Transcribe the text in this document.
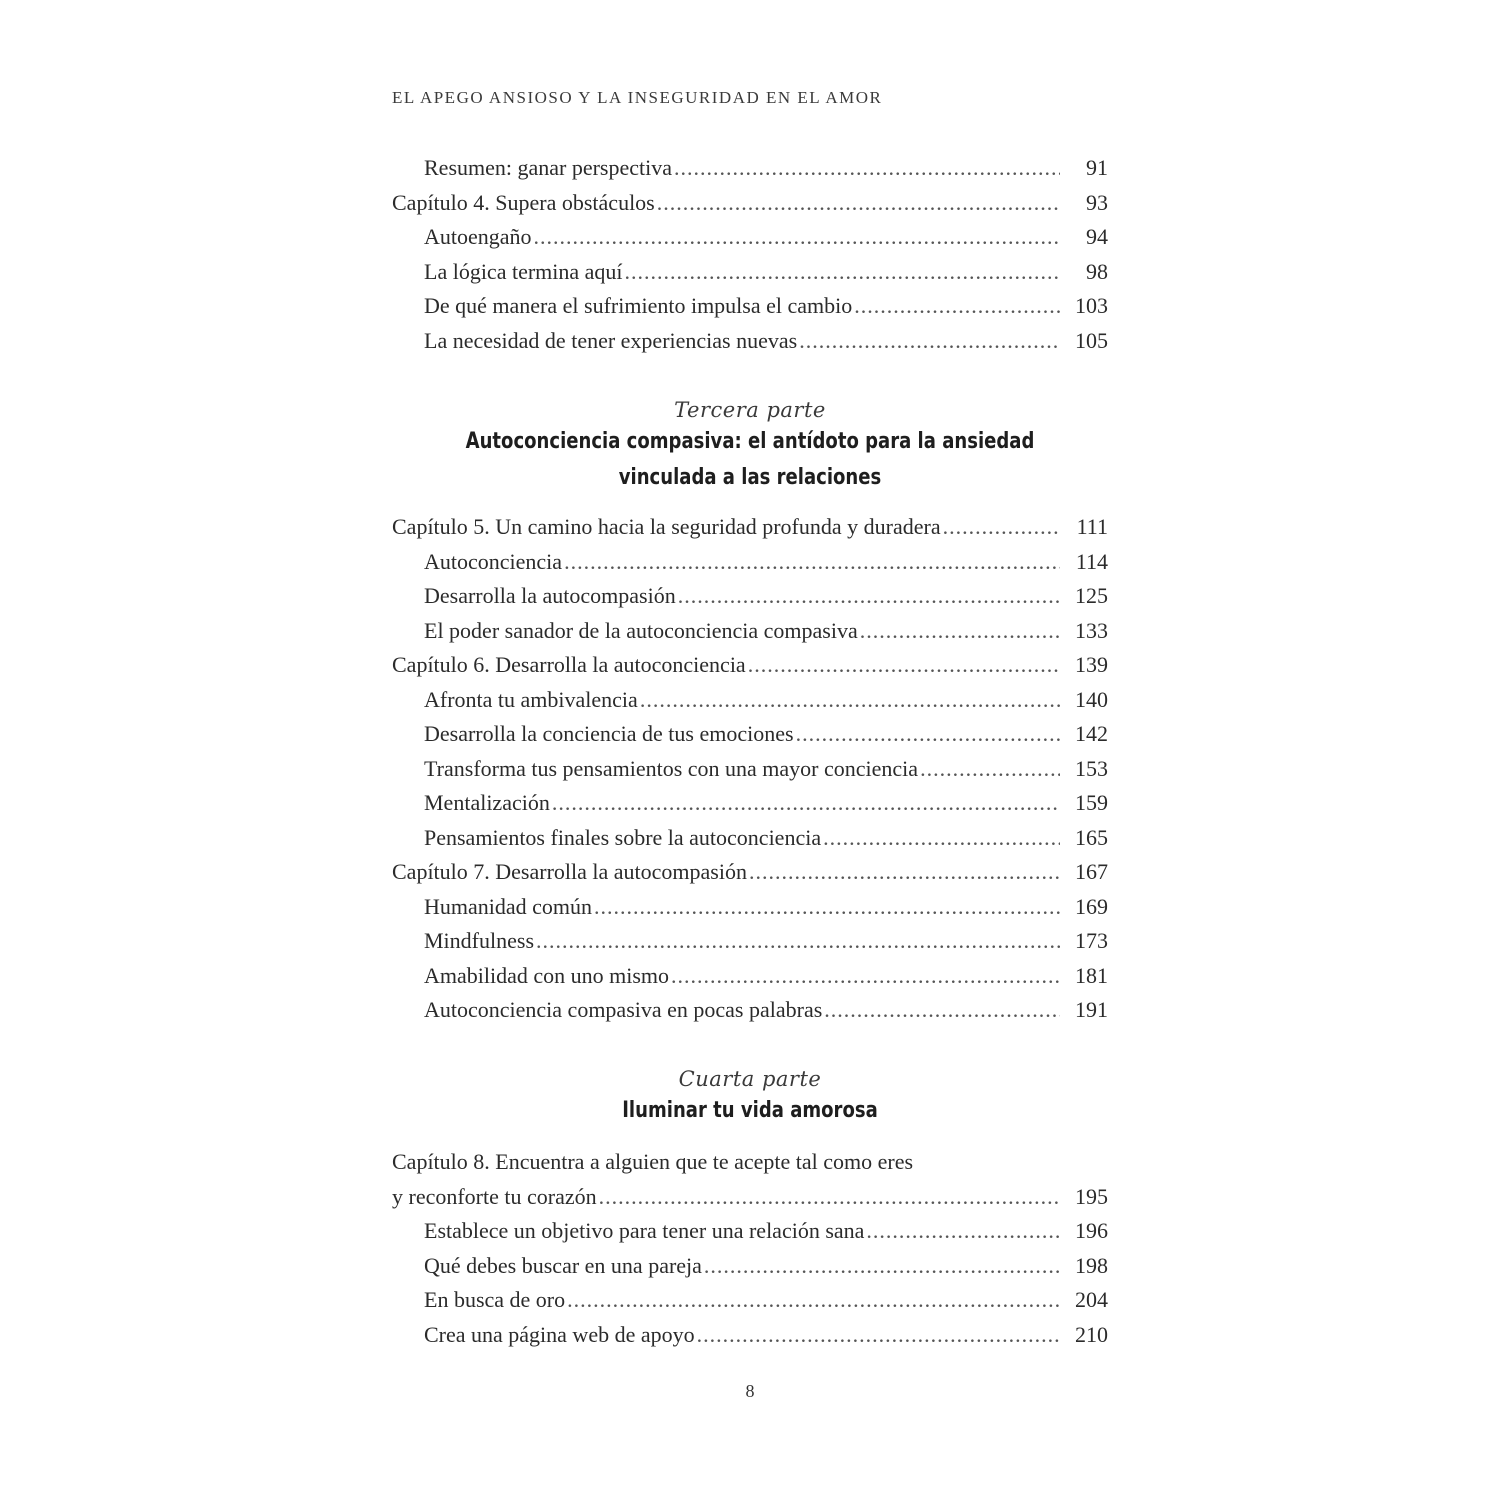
EL APEGO ANSIOSO Y LA INSEGURIDAD EN EL AMOR
Resumen: ganar perspectiva .....	91
Capítulo 4. Supera obstáculos .....	93
Autoengaño .....	94
La lógica termina aquí .....	98
De qué manera el sufrimiento impulsa el cambio .....	103
La necesidad de tener experiencias nuevas .....	105
Tercera parte
Autoconciencia compasiva: el antídoto para la ansiedad
vinculada a las relaciones
Capítulo 5. Un camino hacia la seguridad profunda y duradera .....	111
Autoconciencia .....	114
Desarrolla la autocompasión .....	125
El poder sanador de la autoconciencia compasiva .....	133
Capítulo 6. Desarrolla la autoconciencia .....	139
Afronta tu ambivalencia .....	140
Desarrolla la conciencia de tus emociones .....	142
Transforma tus pensamientos con una mayor conciencia .....	153
Mentalización .....	159
Pensamientos finales sobre la autoconciencia .....	165
Capítulo 7. Desarrolla la autocompasión .....	167
Humanidad común .....	169
Mindfulness .....	173
Amabilidad con uno mismo .....	181
Autoconciencia compasiva en pocas palabras .....	191
Cuarta parte
Iluminar tu vida amorosa
Capítulo 8. Encuentra a alguien que te acepte tal como eres
y reconforte tu corazón .....	195
Establece un objetivo para tener una relación sana .....	196
Qué debes buscar en una pareja .....	198
En busca de oro .....	204
Crea una página web de apoyo .....	210
8
